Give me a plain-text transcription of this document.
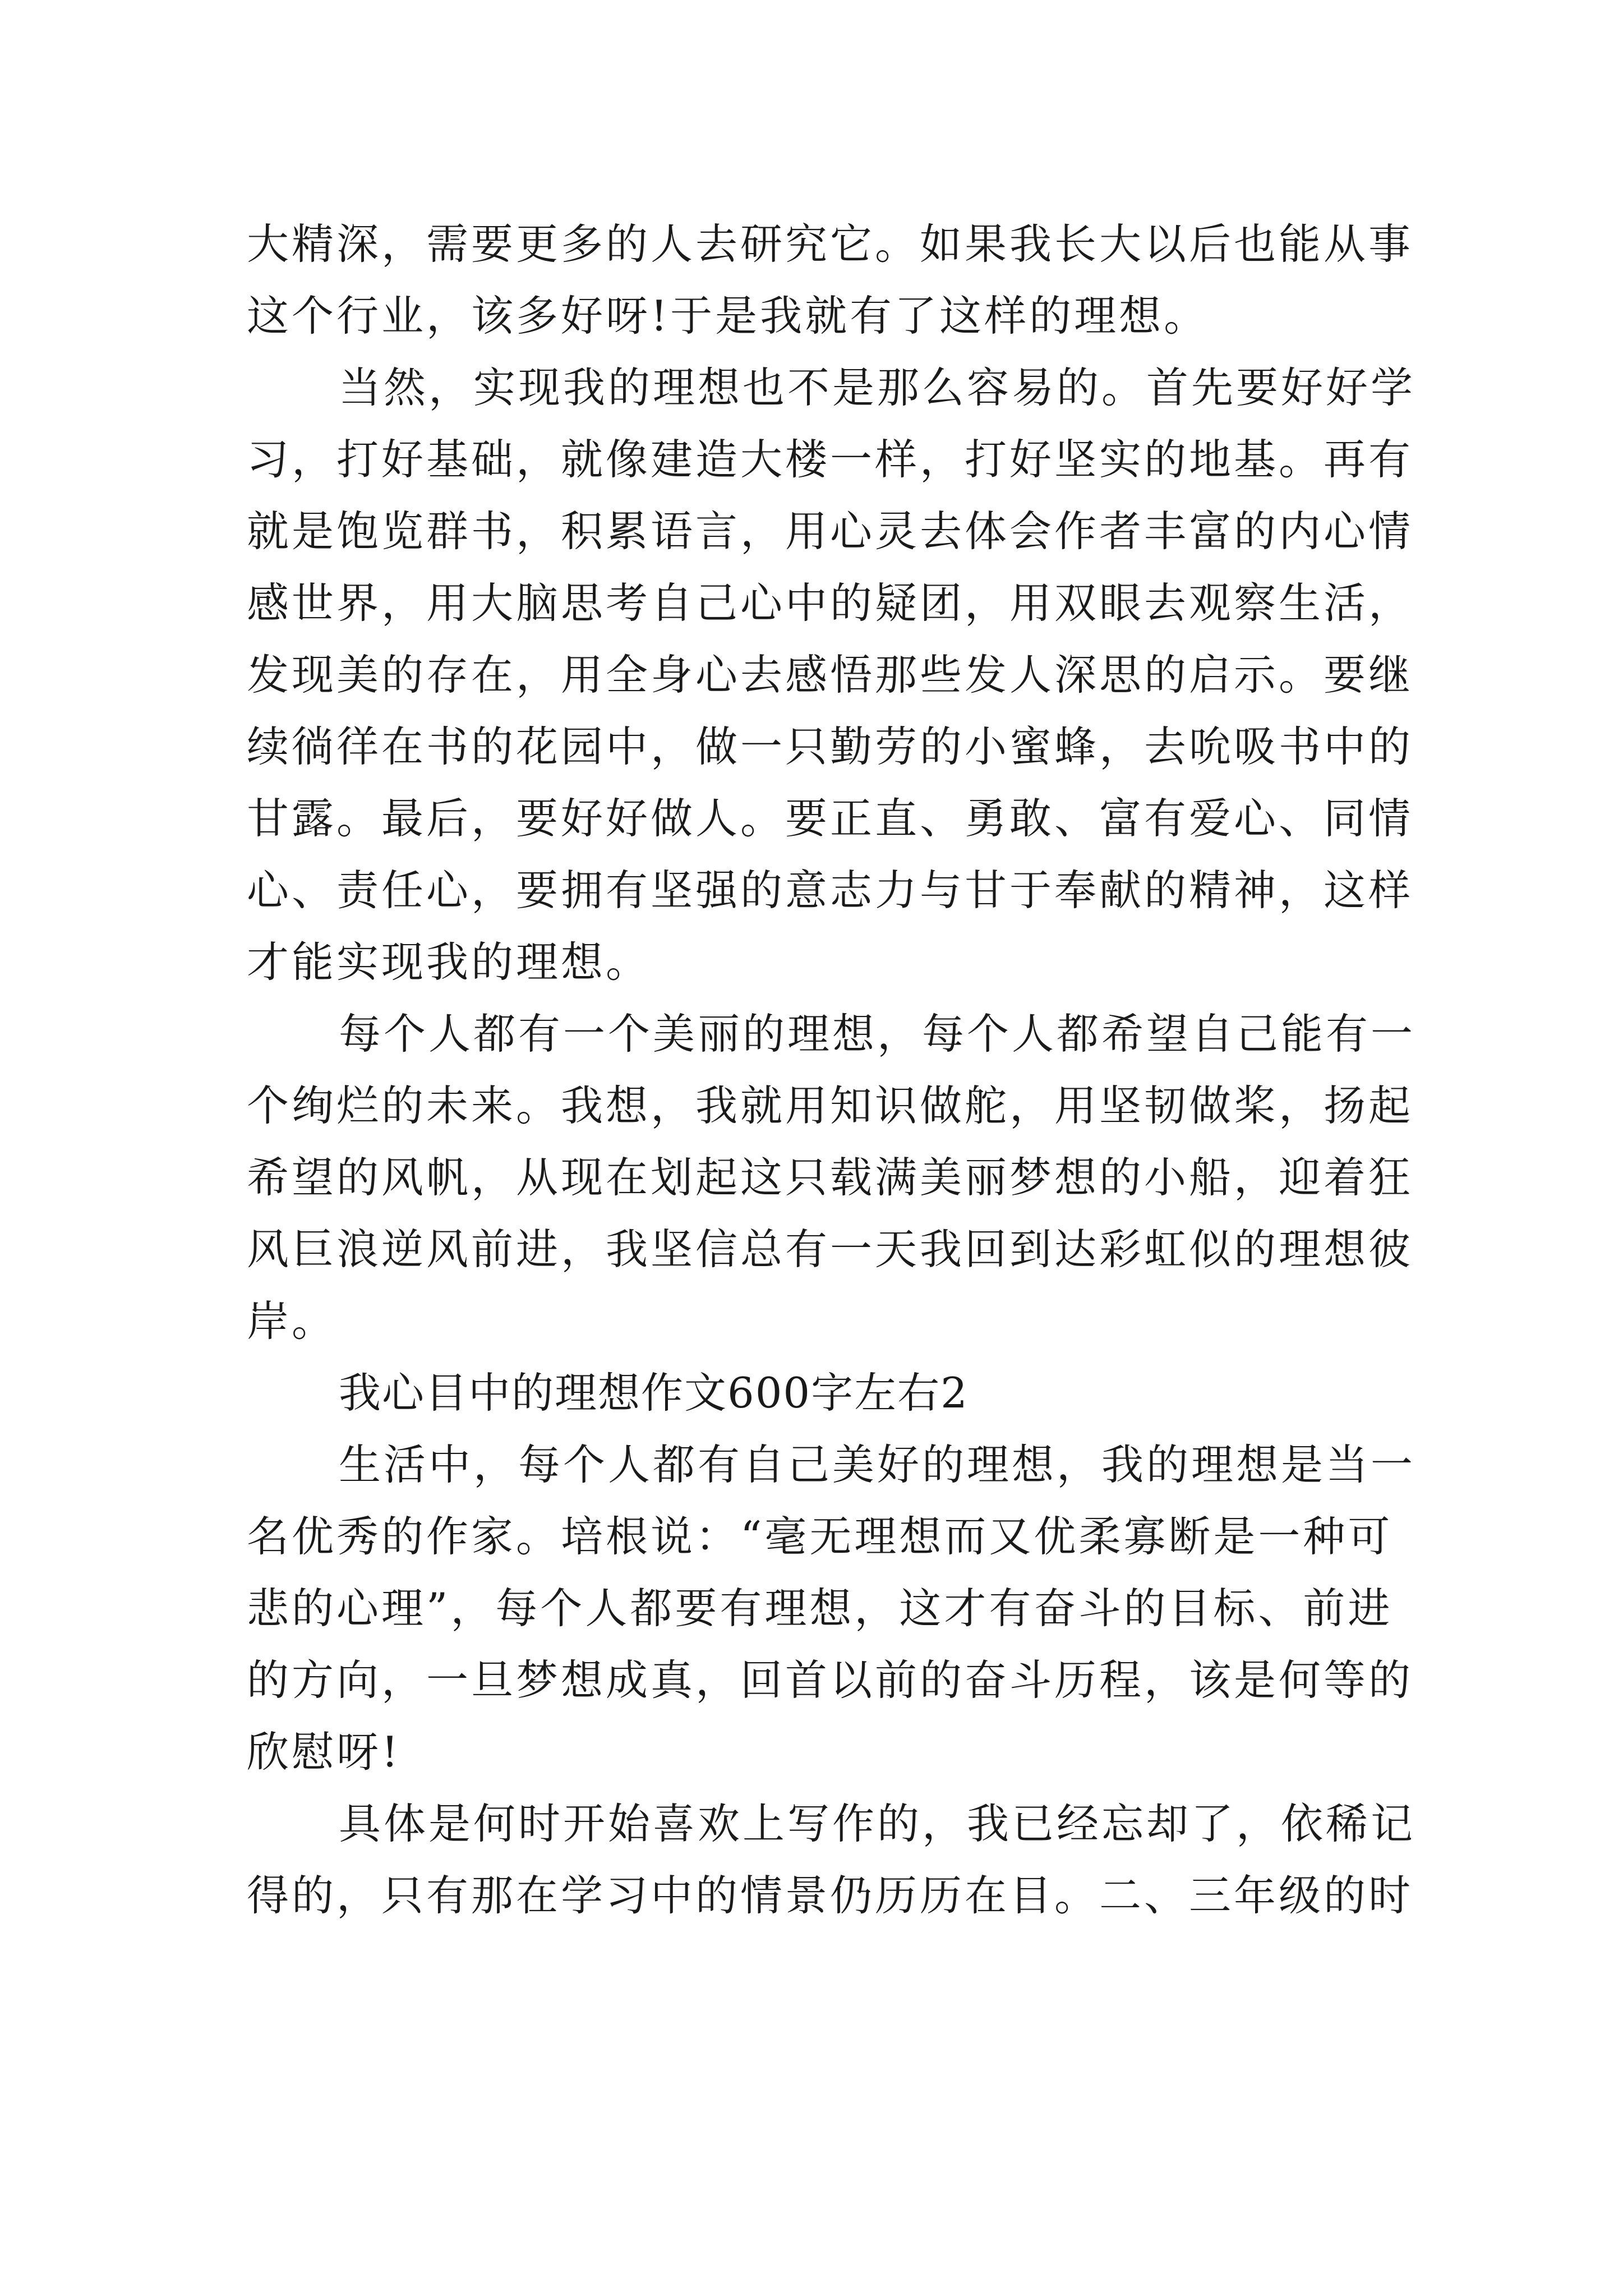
大精深，需要更多的人去研究它。如果我长大以后也能从事
这个行业，该多好呀!于是我就有了这样的理想。
当然，实现我的理想也不是那么容易的。首先要好好学
习，打好基础，就像建造大楼一样，打好坚实的地基。再有
就是饱览群书，积累语言，用心灵去体会作者丰富的内心情
感世界，用大脑思考自己心中的疑团，用双眼去观察生活，
发现美的存在，用全身心去感悟那些发人深思的启示。要继
续徜徉在书的花园中，做一只勤劳的小蜜蜂，去吮吸书中的
甘露。最后，要好好做人。要正直、勇敢、富有爱心、同情
心、责任心，要拥有坚强的意志力与甘于奉献的精神，这样
才能实现我的理想。
每个人都有一个美丽的理想，每个人都希望自己能有一
个绚烂的未来。我想，我就用知识做舵，用坚韧做桨，扬起
希望的风帆，从现在划起这只载满美丽梦想的小船，迎着狂
风巨浪逆风前进，我坚信总有一天我回到达彩虹似的理想彼
岸。
我心目中的理想作文600字左右2
生活中，每个人都有自己美好的理想，我的理想是当一
名优秀的作家。培根说：“毫无理想而又优柔寡断是一种可
悲的心理”，每个人都要有理想，这才有奋斗的目标、前进
的方向，一旦梦想成真，回首以前的奋斗历程，该是何等的
欣慰呀!
具体是何时开始喜欢上写作的，我已经忘却了，依稀记
得的，只有那在学习中的情景仍历历在目。二、三年级的时
